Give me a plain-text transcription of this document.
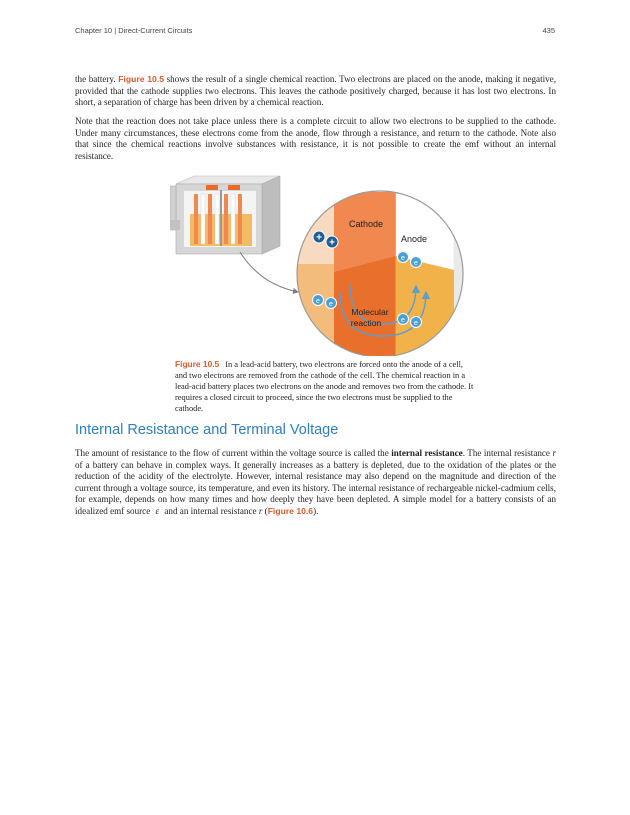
Chapter 10 | Direct-Current Circuits	435

the battery. Figure 10.5 shows the result of a single chemical reaction. Two electrons are placed on the anode, making it negative, provided that the cathode supplies two electrons. This leaves the cathode positively charged, because it has lost two electrons. In short, a separation of charge has been driven by a chemical reaction.

Note that the reaction does not take place unless there is a complete circuit to allow two electrons to be supplied to the cathode. Under many circumstances, these electrons come from the anode, flow through a resistance, and return to the cathode. Note also that since the chemical reactions involve substances with resistance, it is not possible to create the emf without an internal resistance.

Cathode
Anode
Molecular
reaction
+ +
e
e
e e
e e

Figure 10.5 In a lead-acid battery, two electrons are forced onto the anode of a cell, and two electrons are removed from the cathode of the cell. The chemical reaction in a lead-acid battery places two electrons on the anode and removes two from the cathode. It requires a closed circuit to proceed, since the two electrons must be supplied to the cathode.

Internal Resistance and Terminal Voltage

The amount of resistance to the flow of current within the voltage source is called the internal resistance. The internal resistance r of a battery can behave in complex ways. It generally increases as a battery is depleted, due to the oxidation of the plates or the reduction of the acidity of the electrolyte. However, internal resistance may also depend on the magnitude and direction of the current through a voltage source, its temperature, and even its history. The internal resistance of rechargeable nickel-cadmium cells, for example, depends on how many times and how deeply they have been depleted. A simple model for a battery consists of an idealized emf source ε and an internal resistance r (Figure 10.6).
